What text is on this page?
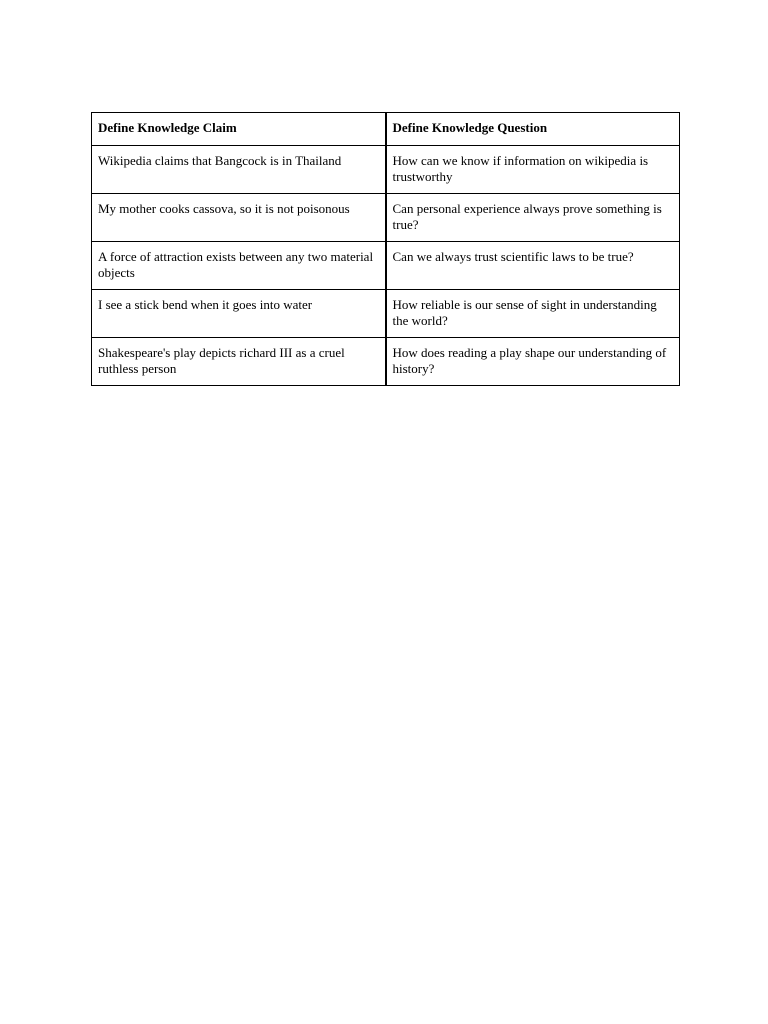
Define Knowledge Claim	Define Knowledge Question
Wikipedia claims that Bangcock is in Thailand	How can we know if information on wikipedia is trustworthy
My mother cooks cassova, so it is not poisonous	Can personal experience always prove something is true?
A force of attraction exists between any two material objects	Can we always trust scientific laws to be true?
I see a stick bend when it goes into water	How reliable is our sense of sight in understanding the world?
Shakespeare's play depicts richard III as a cruel ruthless person	How does reading a play shape our understanding of history?
